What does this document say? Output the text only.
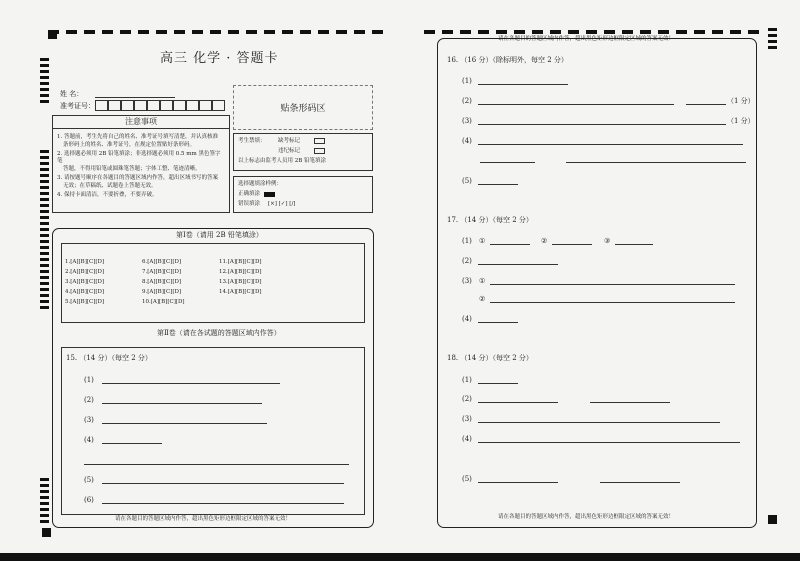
高三 化学 · 答题卡
姓 名：
准考证号：
注意事项
1. 答题前，考生先将自己的姓名、准考证号填写清楚，并认真核准
条形码上的姓名、准考证号，在规定位置贴好条形码。
2. 选择题必须用 2B 铅笔填涂；非选择题必须用 0.5 mm 黑色签字笔
答题，不得用铅笔或圆珠笔答题；字体工整、笔迹清晰。
3. 请按题号顺序在各题目的答题区域内作答，超出区域书写的答案
无效；在草稿纸、试题卷上答题无效。
4. 保持卡面清洁，不要折叠，不要弄破。
贴条形码区
考生禁填： 缺考标记
违纪标记
以上标志由监考人员用 2B 铅笔填涂
选择题填涂样例：
正确填涂
错误填涂 [×] [✓] [/]
第Ⅰ卷（请用 2B 铅笔填涂）
1.[A][B][C][D]
2.[A][B][C][D]
3.[A][B][C][D]
4.[A][B][C][D]
5.[A][B][C][D]
6.[A][B][C][D]
7.[A][B][C][D]
8.[A][B][C][D]
9.[A][B][C][D]
10.[A][B][C][D]
11.[A][B][C][D]
12.[A][B][C][D]
13.[A][B][C][D]
14.[A][B][C][D]
第Ⅱ卷（请在各试题的答题区域内作答）
15. （14 分）（每空 2 分）
(1)
(2)
(3)
(4)
(5)
(6)
请在各题目的答题区域内作答，超出黑色矩形边框限定区域的答案无效！
请在各题目的答题区域内作答，超出黑色矩形边框限定区域的答案无效！
16. （16 分）（除标明外，每空 2 分）
(1)
(2)	（1 分）
(3)	（1 分）
(4)
(5)
17. （14 分）（每空 2 分）
(1) ①	②	③
(2)
(3) ①
②
(4)
18. （14 分）（每空 2 分）
(1)
(2)
(3)
(4)
(5)
请在各题目的答题区域内作答，超出黑色矩形边框限定区域的答案无效！
